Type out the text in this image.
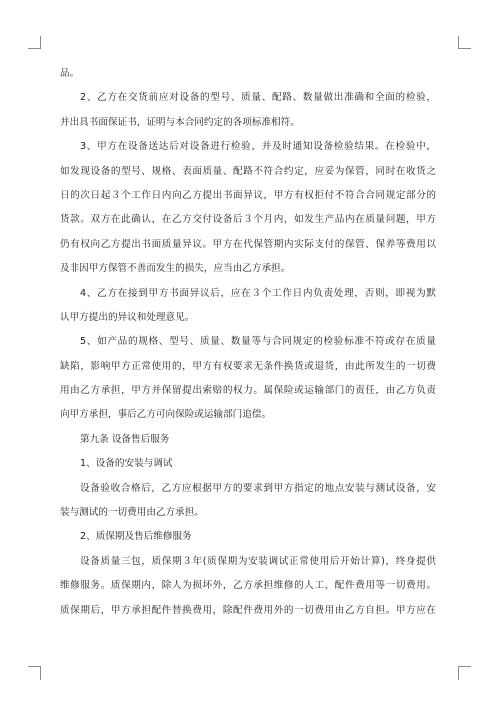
品。
2、乙方在交货前应对设备的型号、质量、配路、数量做出准确和全面的检验，
并出具书面保证书，证明与本合同约定的各项标准相符。
3、甲方在设备送达后对设备进行检验，并及时通知设备检验结果。在检验中，
如发现设备的型号、规格、表面质量、配路不符合约定，应妥为保管，同时在收货之
日的次日起３个工作日内向乙方提出书面异议，甲方有权拒付不符合合同规定部分的
货款。双方在此确认，在乙方交付设备后３个月内，如发生产品内在质量问题，甲方
仍有权向乙方提出书面质量异议。甲方在代保管期内实际支付的保管、保养等费用以
及非因甲方保管不善而发生的损失，应当由乙方承担。
4、乙方在接到甲方书面异议后，应在３个工作日内负责处理，否则，即视为默
认甲方提出的异议和处理意见。
5、如产品的规格、型号、质量、数量等与合同规定的检验标准不符或存在质量
缺陷，影响甲方正常使用的，甲方有权要求无条件换货或退货，由此所发生的一切费
用由乙方承担，甲方并保留提出索赔的权力。属保险或运输部门的责任，由乙方负责
向甲方承担，事后乙方可向保险或运输部门追偿。
第九条 设备售后服务
1、设备的安装与调试
设备验收合格后，乙方应根据甲方的要求到甲方指定的地点安装与测试设备，安
装与测试的一切费用由乙方承担。
2、质保期及售后维修服务
设备质量三包，质保期３年(质保期为安装调试正常使用后开始计算)，终身提供
维修服务。质保期内，除人为损坏外，乙方承担维修的人工、配件费用等一切费用。
质保期后，甲方承担配件替换费用，除配件费用外的一切费用由乙方自担。甲方应在
